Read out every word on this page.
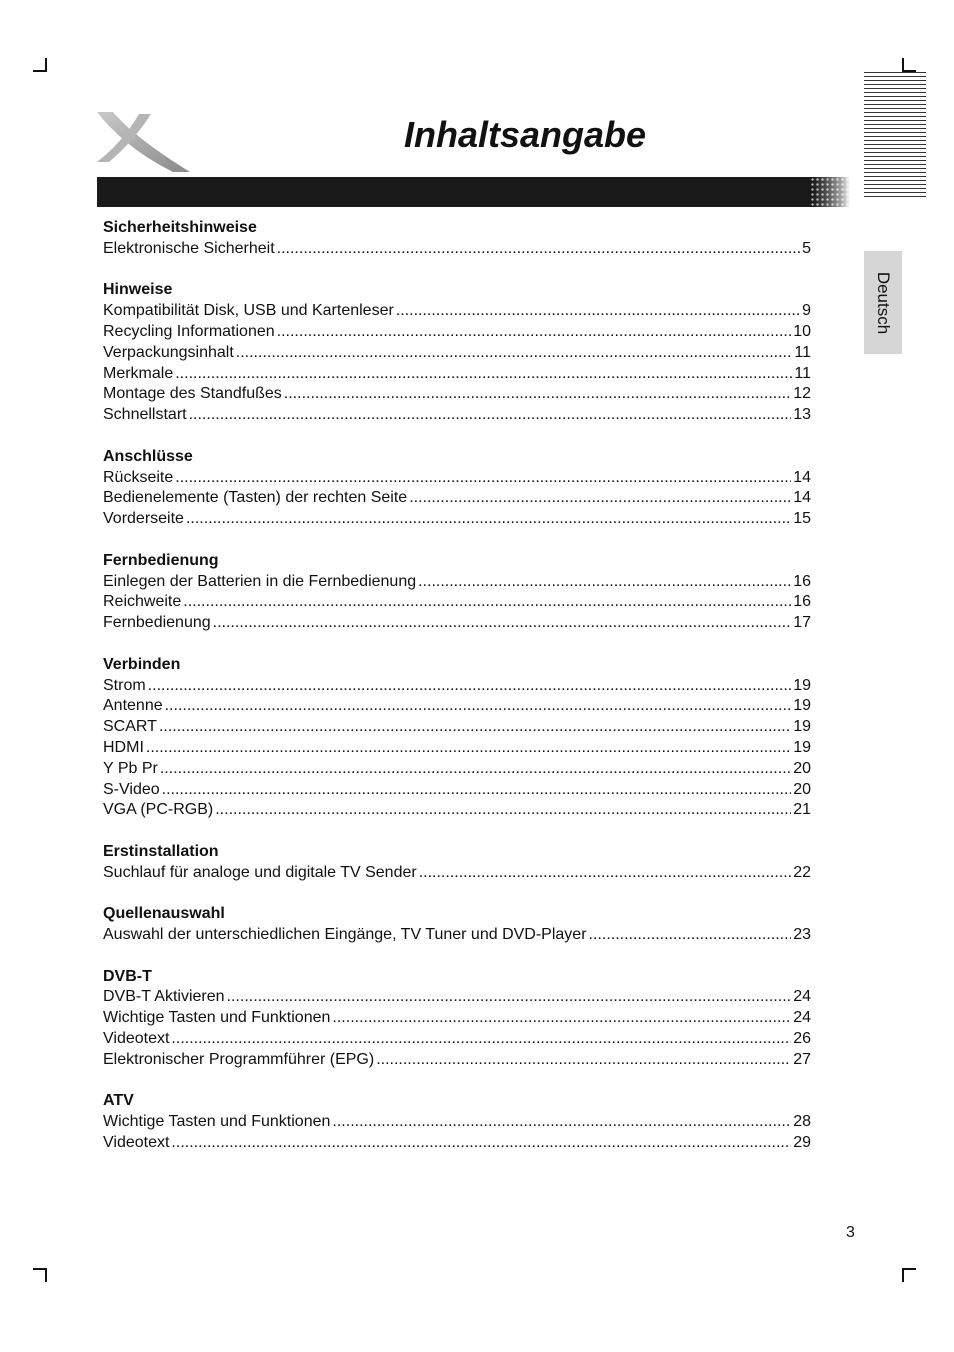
Inhaltsangabe
Deutsch
Sicherheitshinweise
Elektronische Sicherheit .....	5
Hinweise
Kompatibilität Disk, USB und Kartenleser .....	9
Recycling Informationen .....	10
Verpackungsinhalt .....	11
Merkmale .....	11
Montage des Standfußes .....	12
Schnellstart .....	13
Anschlüsse
Rückseite .....	14
Bedienelemente (Tasten) der rechten Seite .....	14
Vorderseite .....	15
Fernbedienung
Einlegen der Batterien in die Fernbedienung .....	16
Reichweite .....	16
Fernbedienung .....	17
Verbinden
Strom .....	19
Antenne .....	19
SCART .....	19
HDMI .....	19
Y Pb Pr .....	20
S-Video .....	20
VGA (PC-RGB) .....	21
Erstinstallation
Suchlauf für analoge und digitale TV Sender .....	22
Quellenauswahl
Auswahl der unterschiedlichen Eingänge, TV Tuner und DVD-Player .....	23
DVB-T
DVB-T Aktivieren .....	24
Wichtige Tasten und Funktionen .....	24
Videotext .....	26
Elektronischer Programmführer (EPG) .....	27
ATV
Wichtige Tasten und Funktionen .....	28
Videotext .....	29
3
